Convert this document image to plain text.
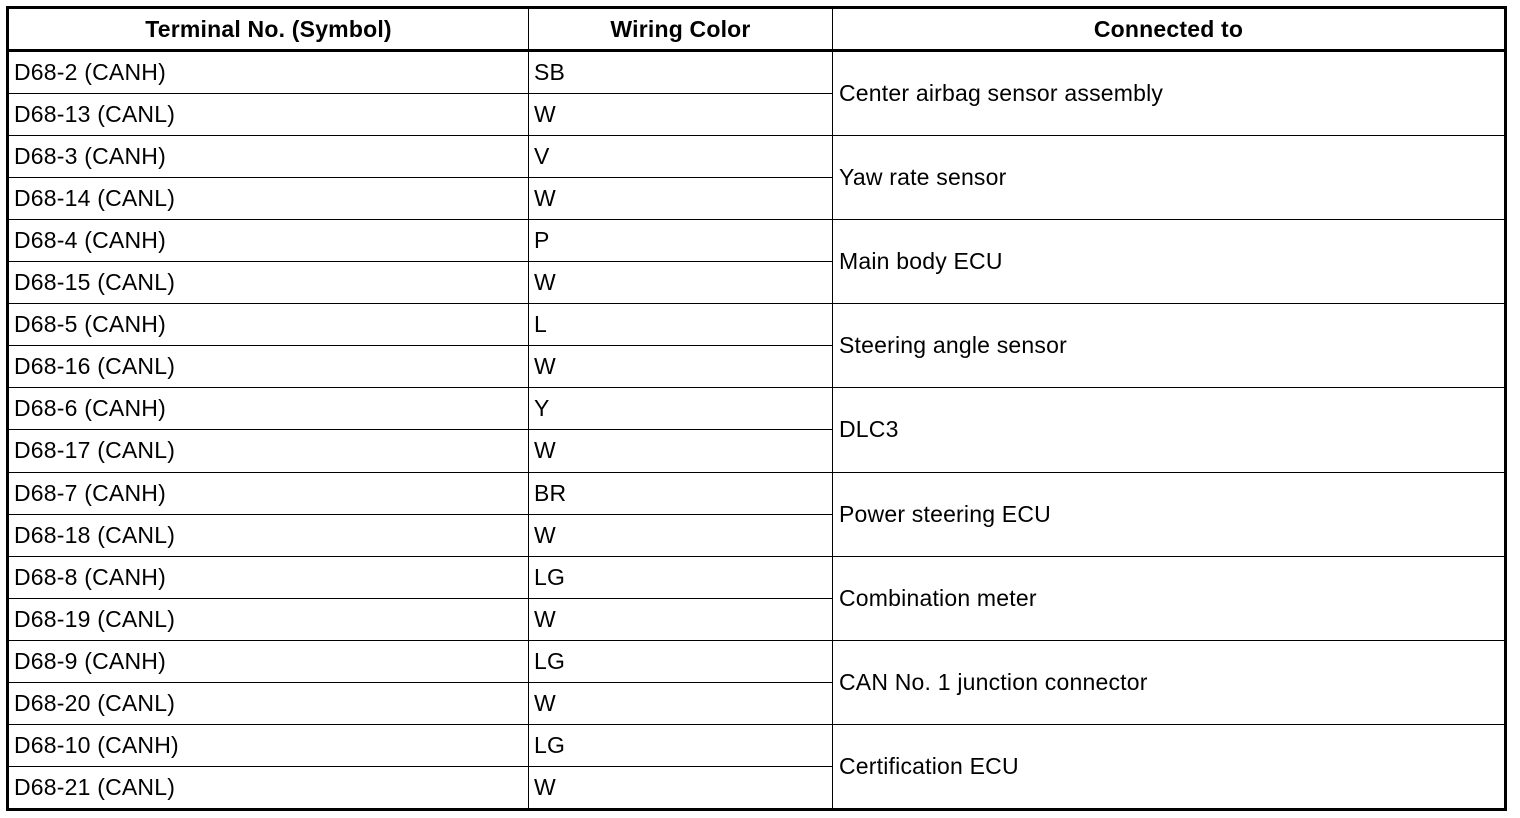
Terminal No. (Symbol)	Wiring Color	Connected to
D68-2 (CANH)	SB	Center airbag sensor assembly
D68-13 (CANL)	W	
D68-3 (CANH)	V	Yaw rate sensor
D68-14 (CANL)	W	
D68-4 (CANH)	P	Main body ECU
D68-15 (CANL)	W	
D68-5 (CANH)	L	Steering angle sensor
D68-16 (CANL)	W	
D68-6 (CANH)	Y	DLC3
D68-17 (CANL)	W	
D68-7 (CANH)	BR	Power steering ECU
D68-18 (CANL)	W	
D68-8 (CANH)	LG	Combination meter
D68-19 (CANL)	W	
D68-9 (CANH)	LG	CAN No. 1 junction connector
D68-20 (CANL)	W	
D68-10 (CANH)	LG	Certification ECU
D68-21 (CANL)	W	
